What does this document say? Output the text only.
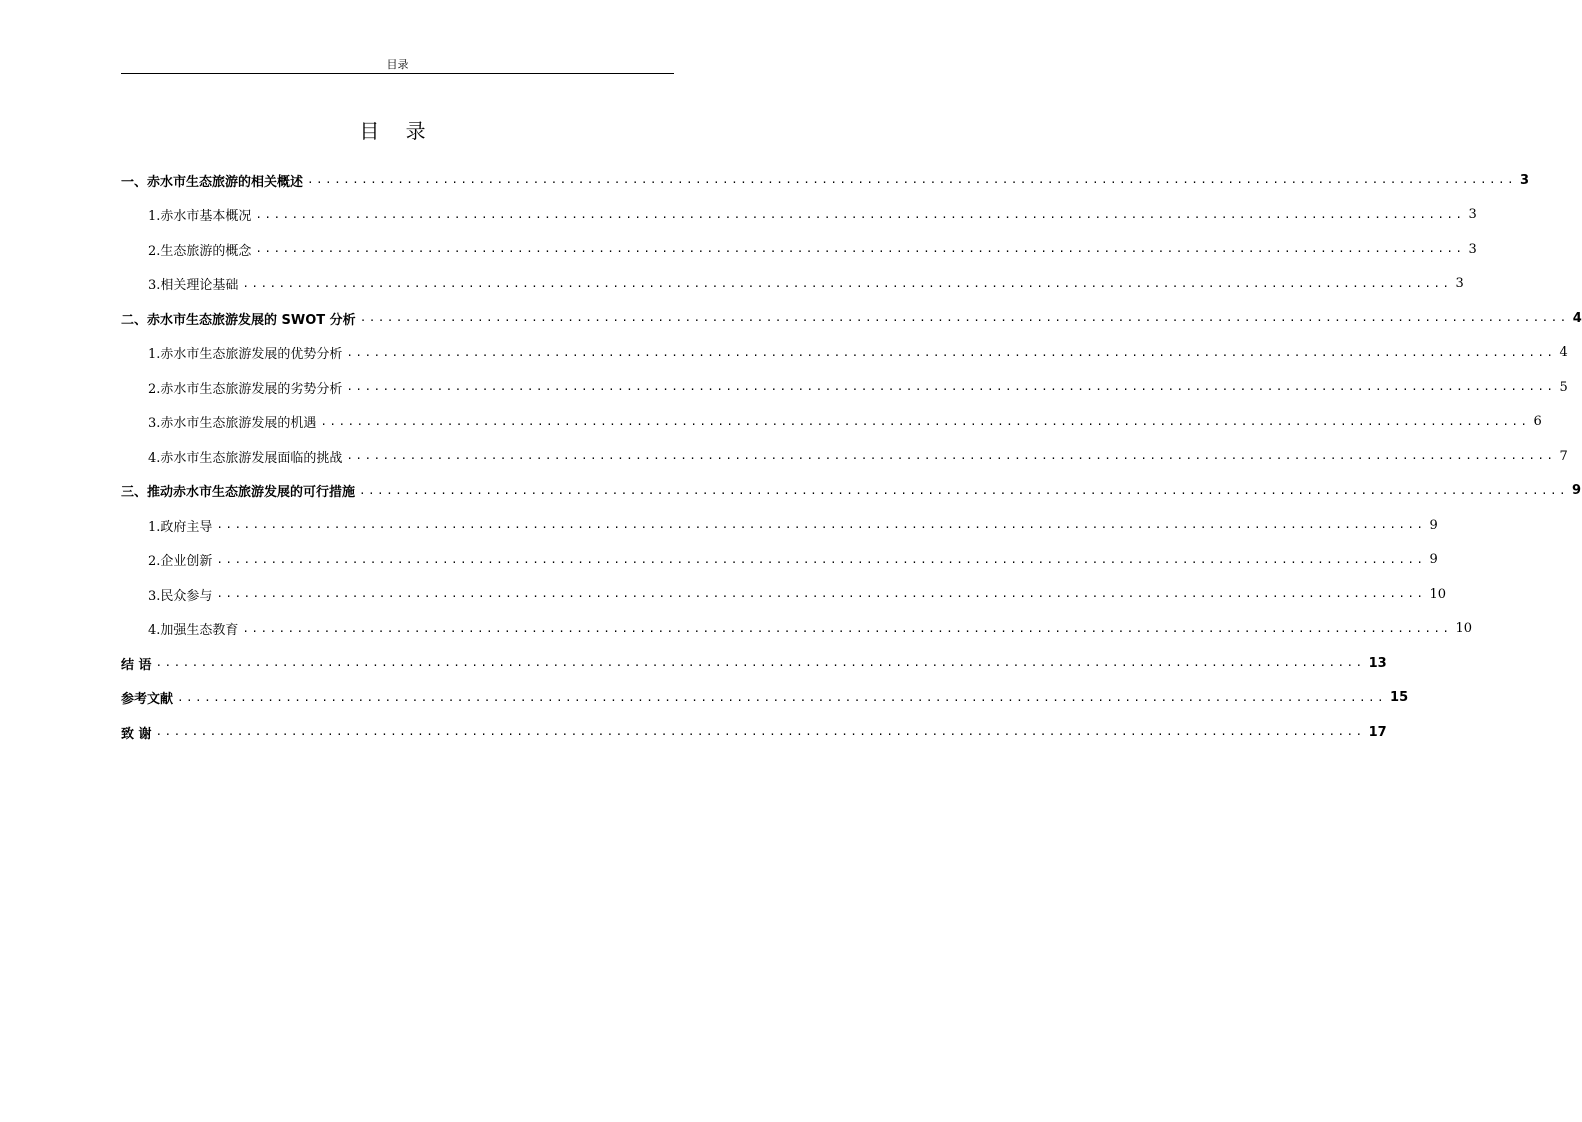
目录
目 录
一、赤水市生态旅游的相关概述 ...................................................................................................................................... 3
1.赤水市基本概况 ...................................................................................................................................... 3
2.生态旅游的概念 ...................................................................................................................................... 3
3.相关理论基础 ...................................................................................................................................... 3
二、赤水市生态旅游发展的 SWOT 分析 ...................................................................................................................................... 4
1.赤水市生态旅游发展的优势分析 ...................................................................................................................................... 4
2.赤水市生态旅游发展的劣势分析 ...................................................................................................................................... 5
3.赤水市生态旅游发展的机遇 ...................................................................................................................................... 6
4.赤水市生态旅游发展面临的挑战 ...................................................................................................................................... 7
三、推动赤水市生态旅游发展的可行措施 ...................................................................................................................................... 9
1.政府主导 ...................................................................................................................................... 9
2.企业创新 ...................................................................................................................................... 9
3.民众参与 ...................................................................................................................................... 10
4.加强生态教育 ...................................................................................................................................... 10
结 语 ...................................................................................................................................... 13
参考文献 ...................................................................................................................................... 15
致 谢 ...................................................................................................................................... 17
